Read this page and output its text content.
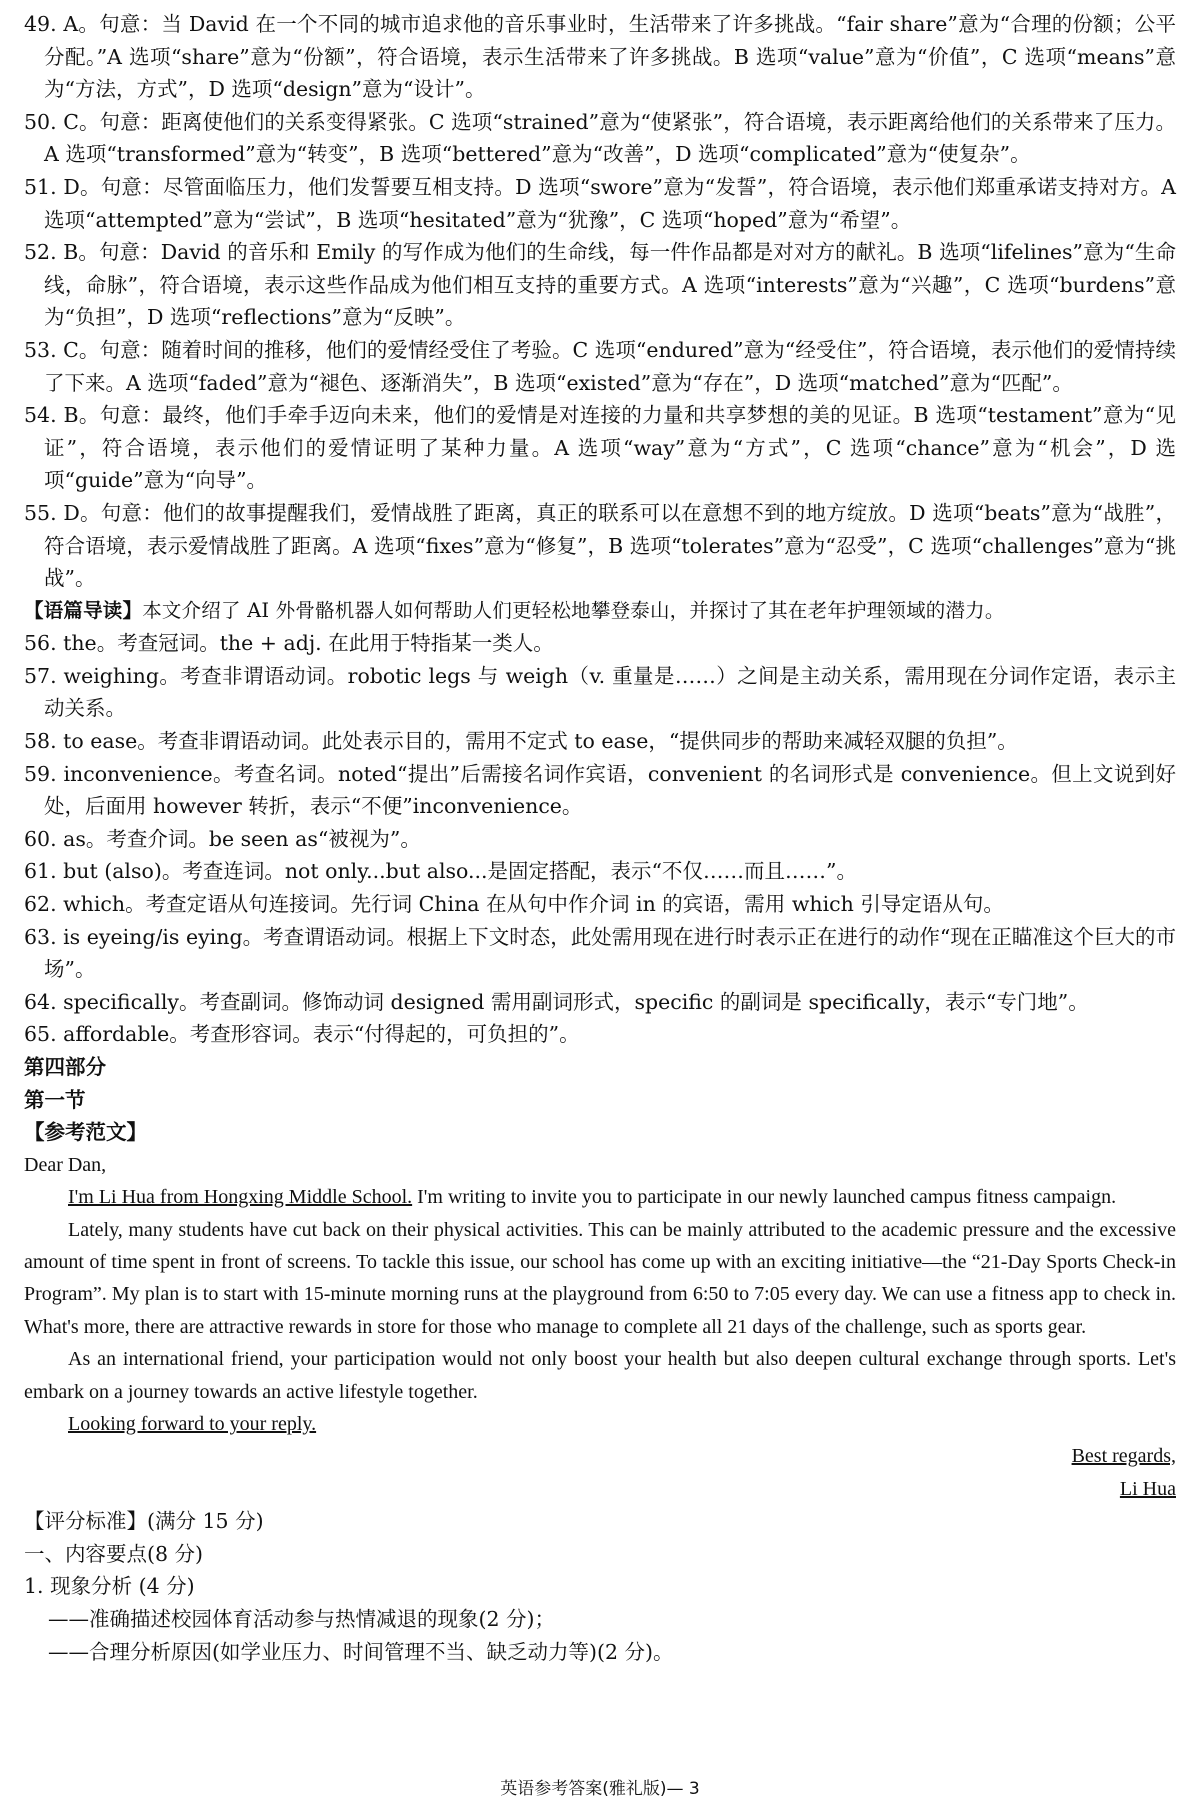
49. A。句意：当 David 在一个不同的城市追求他的音乐事业时，生活带来了许多挑战。“fair share”意为“合理的份额；公平分配。”A 选项“share”意为“份额”，符合语境，表示生活带来了许多挑战。B 选项“value”意为“价值”，C 选项“means”意为“方法，方式”，D 选项“design”意为“设计”。

50. C。句意：距离使他们的关系变得紧张。C 选项“strained”意为“使紧张”，符合语境，表示距离给他们的关系带来了压力。A 选项“transformed”意为“转变”，B 选项“bettered”意为“改善”，D 选项“complicated”意为“使复杂”。

51. D。句意：尽管面临压力，他们发誓要互相支持。D 选项“swore”意为“发誓”，符合语境，表示他们郑重承诺支持对方。A 选项“attempted”意为“尝试”，B 选项“hesitated”意为“犹豫”，C 选项“hoped”意为“希望”。

52. B。句意：David 的音乐和 Emily 的写作成为他们的生命线，每一件作品都是对对方的献礼。B 选项“lifelines”意为“生命线，命脉”，符合语境，表示这些作品成为他们相互支持的重要方式。A 选项“interests”意为“兴趣”，C 选项“burdens”意为“负担”，D 选项“reflections”意为“反映”。

53. C。句意：随着时间的推移，他们的爱情经受住了考验。C 选项“endured”意为“经受住”，符合语境，表示他们的爱情持续了下来。A 选项“faded”意为“褪色、逐渐消失”，B 选项“existed”意为“存在”，D 选项“matched”意为“匹配”。

54. B。句意：最终，他们手牵手迈向未来，他们的爱情是对连接的力量和共享梦想的美的见证。B 选项“testament”意为“见证”，符合语境，表示他们的爱情证明了某种力量。A 选项“way”意为“方式”，C 选项“chance”意为“机会”，D 选项“guide”意为“向导”。

55. D。句意：他们的故事提醒我们，爱情战胜了距离，真正的联系可以在意想不到的地方绽放。D 选项“beats”意为“战胜”，符合语境，表示爱情战胜了距离。A 选项“fixes”意为“修复”，B 选项“tolerates”意为“忍受”，C 选项“challenges”意为“挑战”。

【语篇导读】本文介绍了 AI 外骨骼机器人如何帮助人们更轻松地攀登泰山，并探讨了其在老年护理领域的潜力。

56. the。考查冠词。the + adj. 在此用于特指某一类人。

57. weighing。考查非谓语动词。robotic legs 与 weigh（v. 重量是……）之间是主动关系，需用现在分词作定语，表示主动关系。

58. to ease。考查非谓语动词。此处表示目的，需用不定式 to ease，“提供同步的帮助来减轻双腿的负担”。

59. inconvenience。考查名词。noted“提出”后需接名词作宾语，convenient 的名词形式是 convenience。但上文说到好处，后面用 however 转折，表示“不便”inconvenience。

60. as。考查介词。be seen as“被视为”。

61. but (also)。考查连词。not only...but also...是固定搭配，表示“不仅……而且……”。

62. which。考查定语从句连接词。先行词 China 在从句中作介词 in 的宾语，需用 which 引导定语从句。

63. is eyeing/is eying。考查谓语动词。根据上下文时态，此处需用现在进行时表示正在进行的动作“现在正瞄准这个巨大的市场”。

64. specifically。考查副词。修饰动词 designed 需用副词形式，specific 的副词是 specifically，表示“专门地”。

65. affordable。考查形容词。表示“付得起的，可负担的”。

第四部分

第一节

【参考范文】

Dear Dan,

I'm Li Hua from Hongxing Middle School. I'm writing to invite you to participate in our newly launched campus fitness campaign.

Lately, many students have cut back on their physical activities. This can be mainly attributed to the academic pressure and the excessive amount of time spent in front of screens. To tackle this issue, our school has come up with an exciting initiative—the “21-Day Sports Check-in Program”. My plan is to start with 15-minute morning runs at the playground from 6:50 to 7:05 every day. We can use a fitness app to check in. What's more, there are attractive rewards in store for those who manage to complete all 21 days of the challenge, such as sports gear.

As an international friend, your participation would not only boost your health but also deepen cultural exchange through sports. Let's embark on a journey towards an active lifestyle together.

Looking forward to your reply.

Best regards,

Li Hua

【评分标准】(满分 15 分)

一、内容要点(8 分)

1. 现象分析 (4 分)

——准确描述校园体育活动参与热情减退的现象(2 分)；

——合理分析原因(如学业压力、时间管理不当、缺乏动力等)(2 分)。

英语参考答案(雅礼版)— 3
